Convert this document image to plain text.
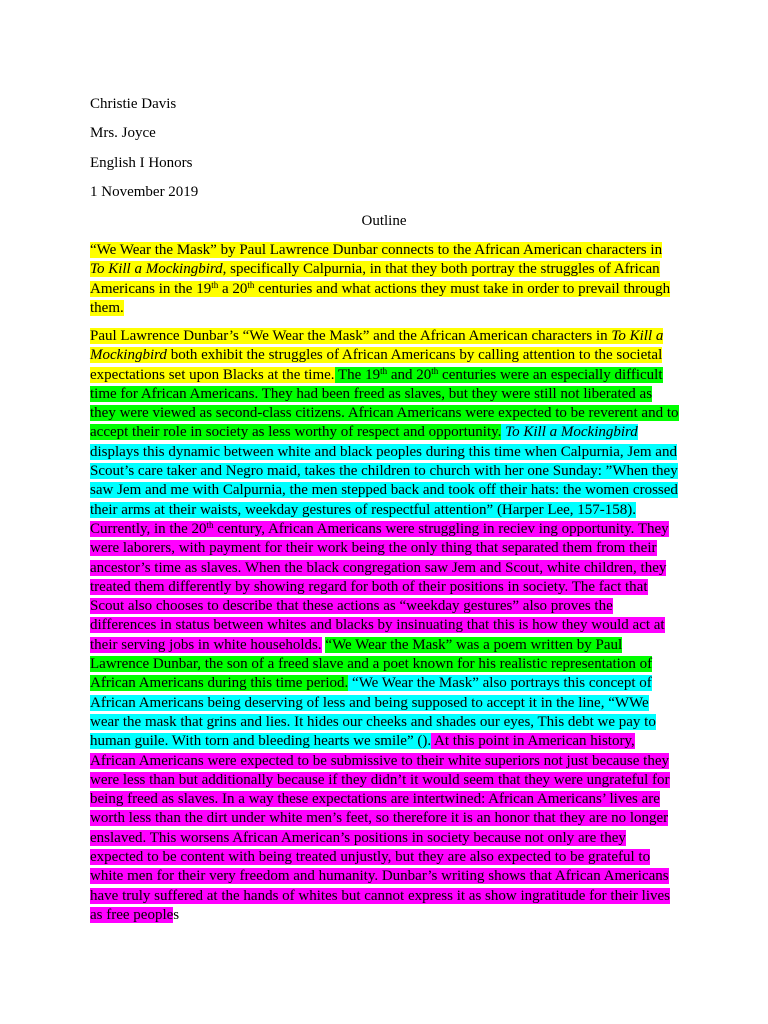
Christie Davis
Mrs. Joyce
English I Honors
1 November 2019
Outline
“We Wear the Mask” by Paul Lawrence Dunbar connects to the African American characters in To Kill a Mockingbird, specifically Calpurnia, in that they both portray the struggles of African Americans in the 19th a 20th centuries and what actions they must take in order to prevail through them.
Paul Lawrence Dunbar’s “We Wear the Mask” and the African American characters in To Kill a Mockingbird both exhibit the struggles of African Americans by calling attention to the societal expectations set upon Blacks at the time. The 19th and 20th centuries were an especially difficult time for African Americans. They had been freed as slaves, but they were still not liberated as they were viewed as second-class citizens. African Americans were expected to be reverent and to accept their role in society as less worthy of respect and opportunity. To Kill a Mockingbird displays this dynamic between white and black peoples during this time when Calpurnia, Jem and Scout’s care taker and Negro maid, takes the children to church with her one Sunday: ”When they saw Jem and me with Calpurnia, the men stepped back and took off their hats: the women crossed their arms at their waists, weekday gestures of respectful attention” (Harper Lee, 157-158). Currently, in the 20th century, African Americans were struggling in reciev ing opportunity. They were laborers, with payment for their work being the only thing that separated them from their ancestor’s time as slaves. When the black congregation saw Jem and Scout, white children, they treated them differently by showing regard for both of their positions in society. The fact that Scout also chooses to describe that these actions as “weekday gestures” also proves the differences in status between whites and blacks by insinuating that this is how they would act at their serving jobs in white households. “We Wear the Mask” was a poem written by Paul Lawrence Dunbar, the son of a freed slave and a poet known for his realistic representation of African Americans during this time period. “We Wear the Mask” also portrays this concept of African Americans being deserving of less and being supposed to accept it in the line, “WWe wear the mask that grins and lies. It hides our cheeks and shades our eyes, This debt we pay to human guile. With torn and bleeding hearts we smile” (). At this point in American history, African Americans were expected to be submissive to their white superiors not just because they were less than but additionally because if they didn’t it would seem that they were ungrateful for being freed as slaves. In a way these expectations are intertwined: African Americans’ lives are worth less than the dirt under white men’s feet, so therefore it is an honor that they are no longer enslaved. This worsens African American’s positions in society because not only are they expected to be content with being treated unjustly, but they are also expected to be grateful to white men for their very freedom and humanity. Dunbar’s writing shows that African Americans have truly suffered at the hands of whites but cannot express it as show ingratitude for their lives as free peoples
